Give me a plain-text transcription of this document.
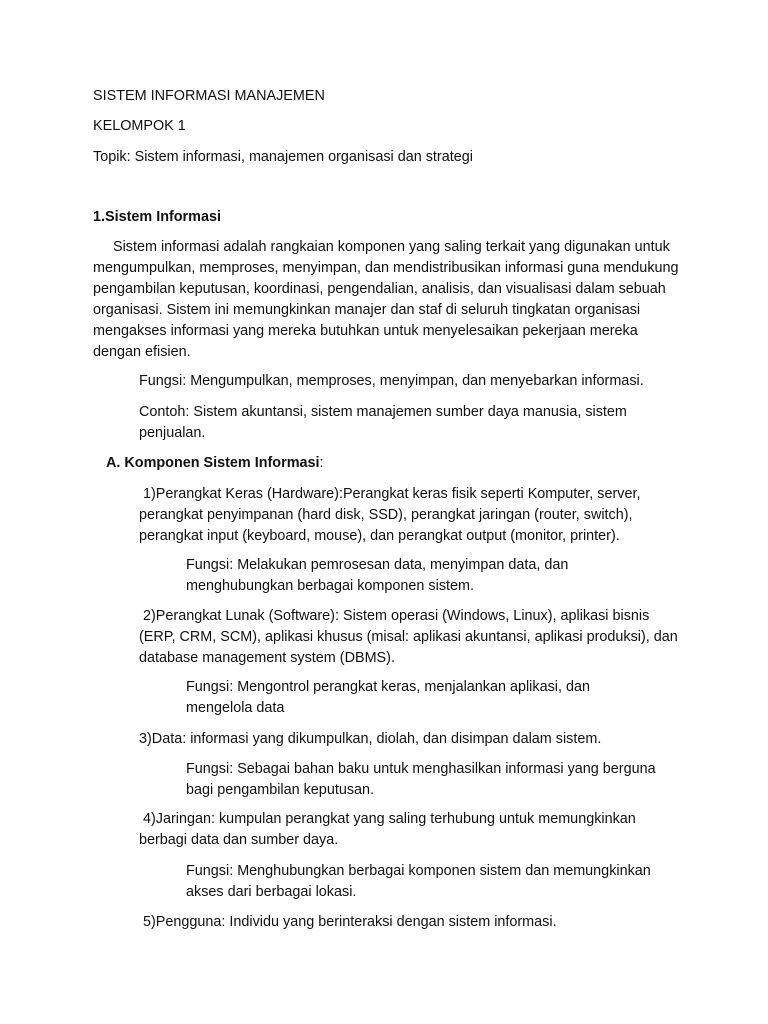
SISTEM INFORMASI MANAJEMEN

KELOMPOK 1

Topik: Sistem informasi, manajemen organisasi dan strategi

1.Sistem Informasi

Sistem informasi adalah rangkaian komponen yang saling terkait yang digunakan untuk mengumpulkan, memproses, menyimpan, dan mendistribusikan informasi guna mendukung pengambilan keputusan, koordinasi, pengendalian, analisis, dan visualisasi dalam sebuah organisasi. Sistem ini memungkinkan manajer dan staf di seluruh tingkatan organisasi mengakses informasi yang mereka butuhkan untuk menyelesaikan pekerjaan mereka dengan efisien.

Fungsi: Mengumpulkan, memproses, menyimpan, dan menyebarkan informasi.

Contoh: Sistem akuntansi, sistem manajemen sumber daya manusia, sistem penjualan.

A. Komponen Sistem Informasi:

1)Perangkat Keras (Hardware):Perangkat keras fisik seperti Komputer, server, perangkat penyimpanan (hard disk, SSD), perangkat jaringan (router, switch), perangkat input (keyboard, mouse), dan perangkat output (monitor, printer).

Fungsi: Melakukan pemrosesan data, menyimpan data, dan menghubungkan berbagai komponen sistem.

2)Perangkat Lunak (Software): Sistem operasi (Windows, Linux), aplikasi bisnis (ERP, CRM, SCM), aplikasi khusus (misal: aplikasi akuntansi, aplikasi produksi), dan database management system (DBMS).

Fungsi: Mengontrol perangkat keras, menjalankan aplikasi, dan mengelola data

3)Data: informasi yang dikumpulkan, diolah, dan disimpan dalam sistem.

Fungsi: Sebagai bahan baku untuk menghasilkan informasi yang berguna bagi pengambilan keputusan.

4)Jaringan: kumpulan perangkat yang saling terhubung untuk memungkinkan berbagi data dan sumber daya.

Fungsi: Menghubungkan berbagai komponen sistem dan memungkinkan akses dari berbagai lokasi.

5)Pengguna: Individu yang berinteraksi dengan sistem informasi.
